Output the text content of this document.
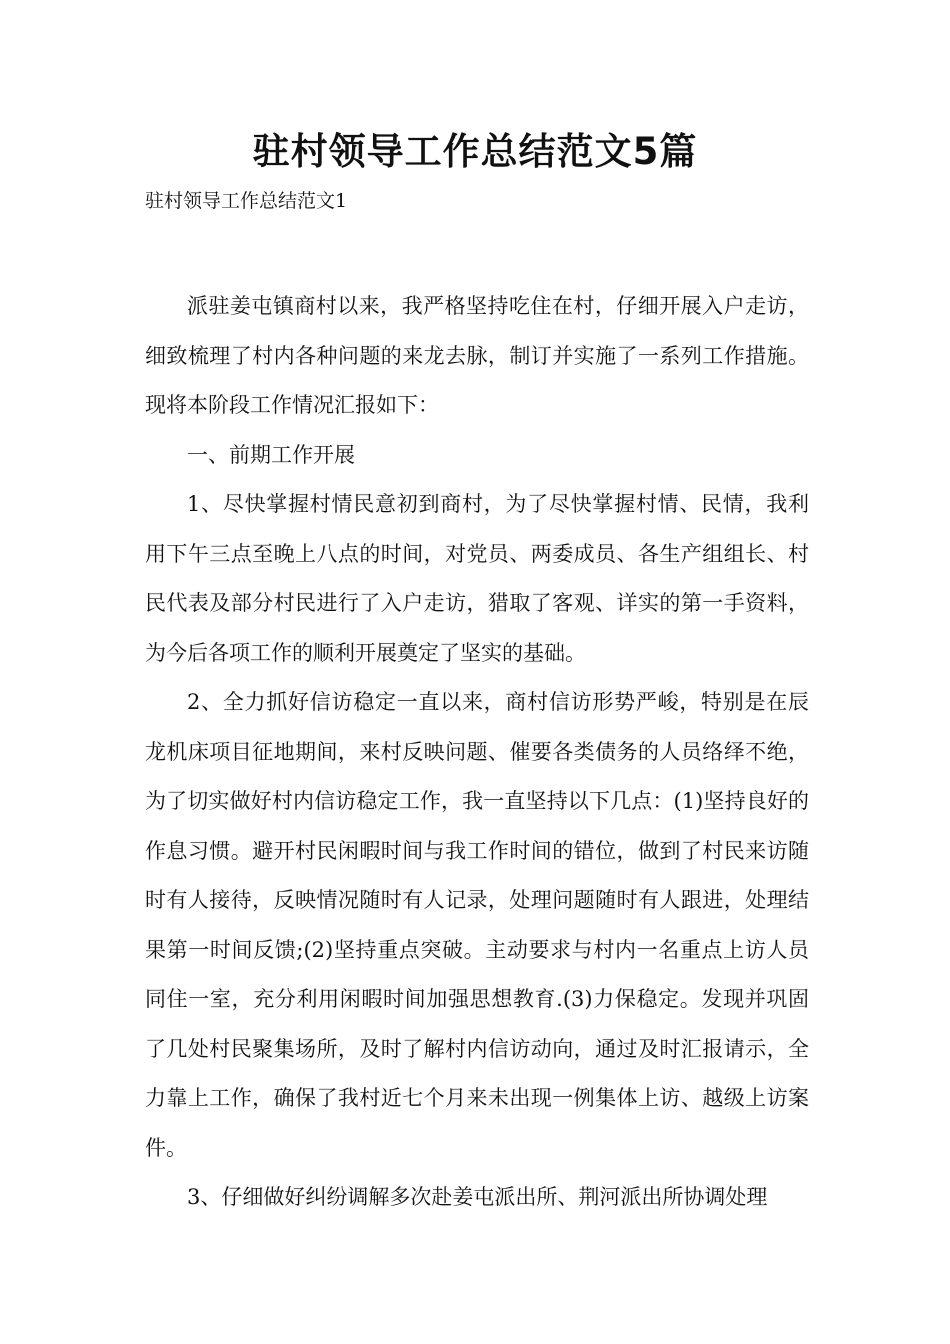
驻村领导工作总结范文5篇
驻村领导工作总结范文1

派驻姜屯镇商村以来，我严格坚持吃住在村，仔细开展入户走访，细致梳理了村内各种问题的来龙去脉，制订并实施了一系列工作措施。现将本阶段工作情况汇报如下：

一、前期工作开展

1、尽快掌握村情民意初到商村，为了尽快掌握村情、民情，我利用下午三点至晚上八点的时间，对党员、两委成员、各生产组组长、村民代表及部分村民进行了入户走访，猎取了客观、详实的第一手资料，为今后各项工作的顺利开展奠定了坚实的基础。

2、全力抓好信访稳定一直以来，商村信访形势严峻，特别是在辰龙机床项目征地期间，来村反映问题、催要各类债务的人员络绎不绝，为了切实做好村内信访稳定工作，我一直坚持以下几点：(1)坚持良好的作息习惯。避开村民闲暇时间与我工作时间的错位，做到了村民来访随时有人接待，反映情况随时有人记录，处理问题随时有人跟进，处理结果第一时间反馈;(2)坚持重点突破。主动要求与村内一名重点上访人员同住一室，充分利用闲暇时间加强思想教育.(3)力保稳定。发现并巩固了几处村民聚集场所，及时了解村内信访动向，通过及时汇报请示，全力靠上工作，确保了我村近七个月来未出现一例集体上访、越级上访案件。

3、仔细做好纠纷调解多次赴姜屯派出所、荆河派出所协调处理
